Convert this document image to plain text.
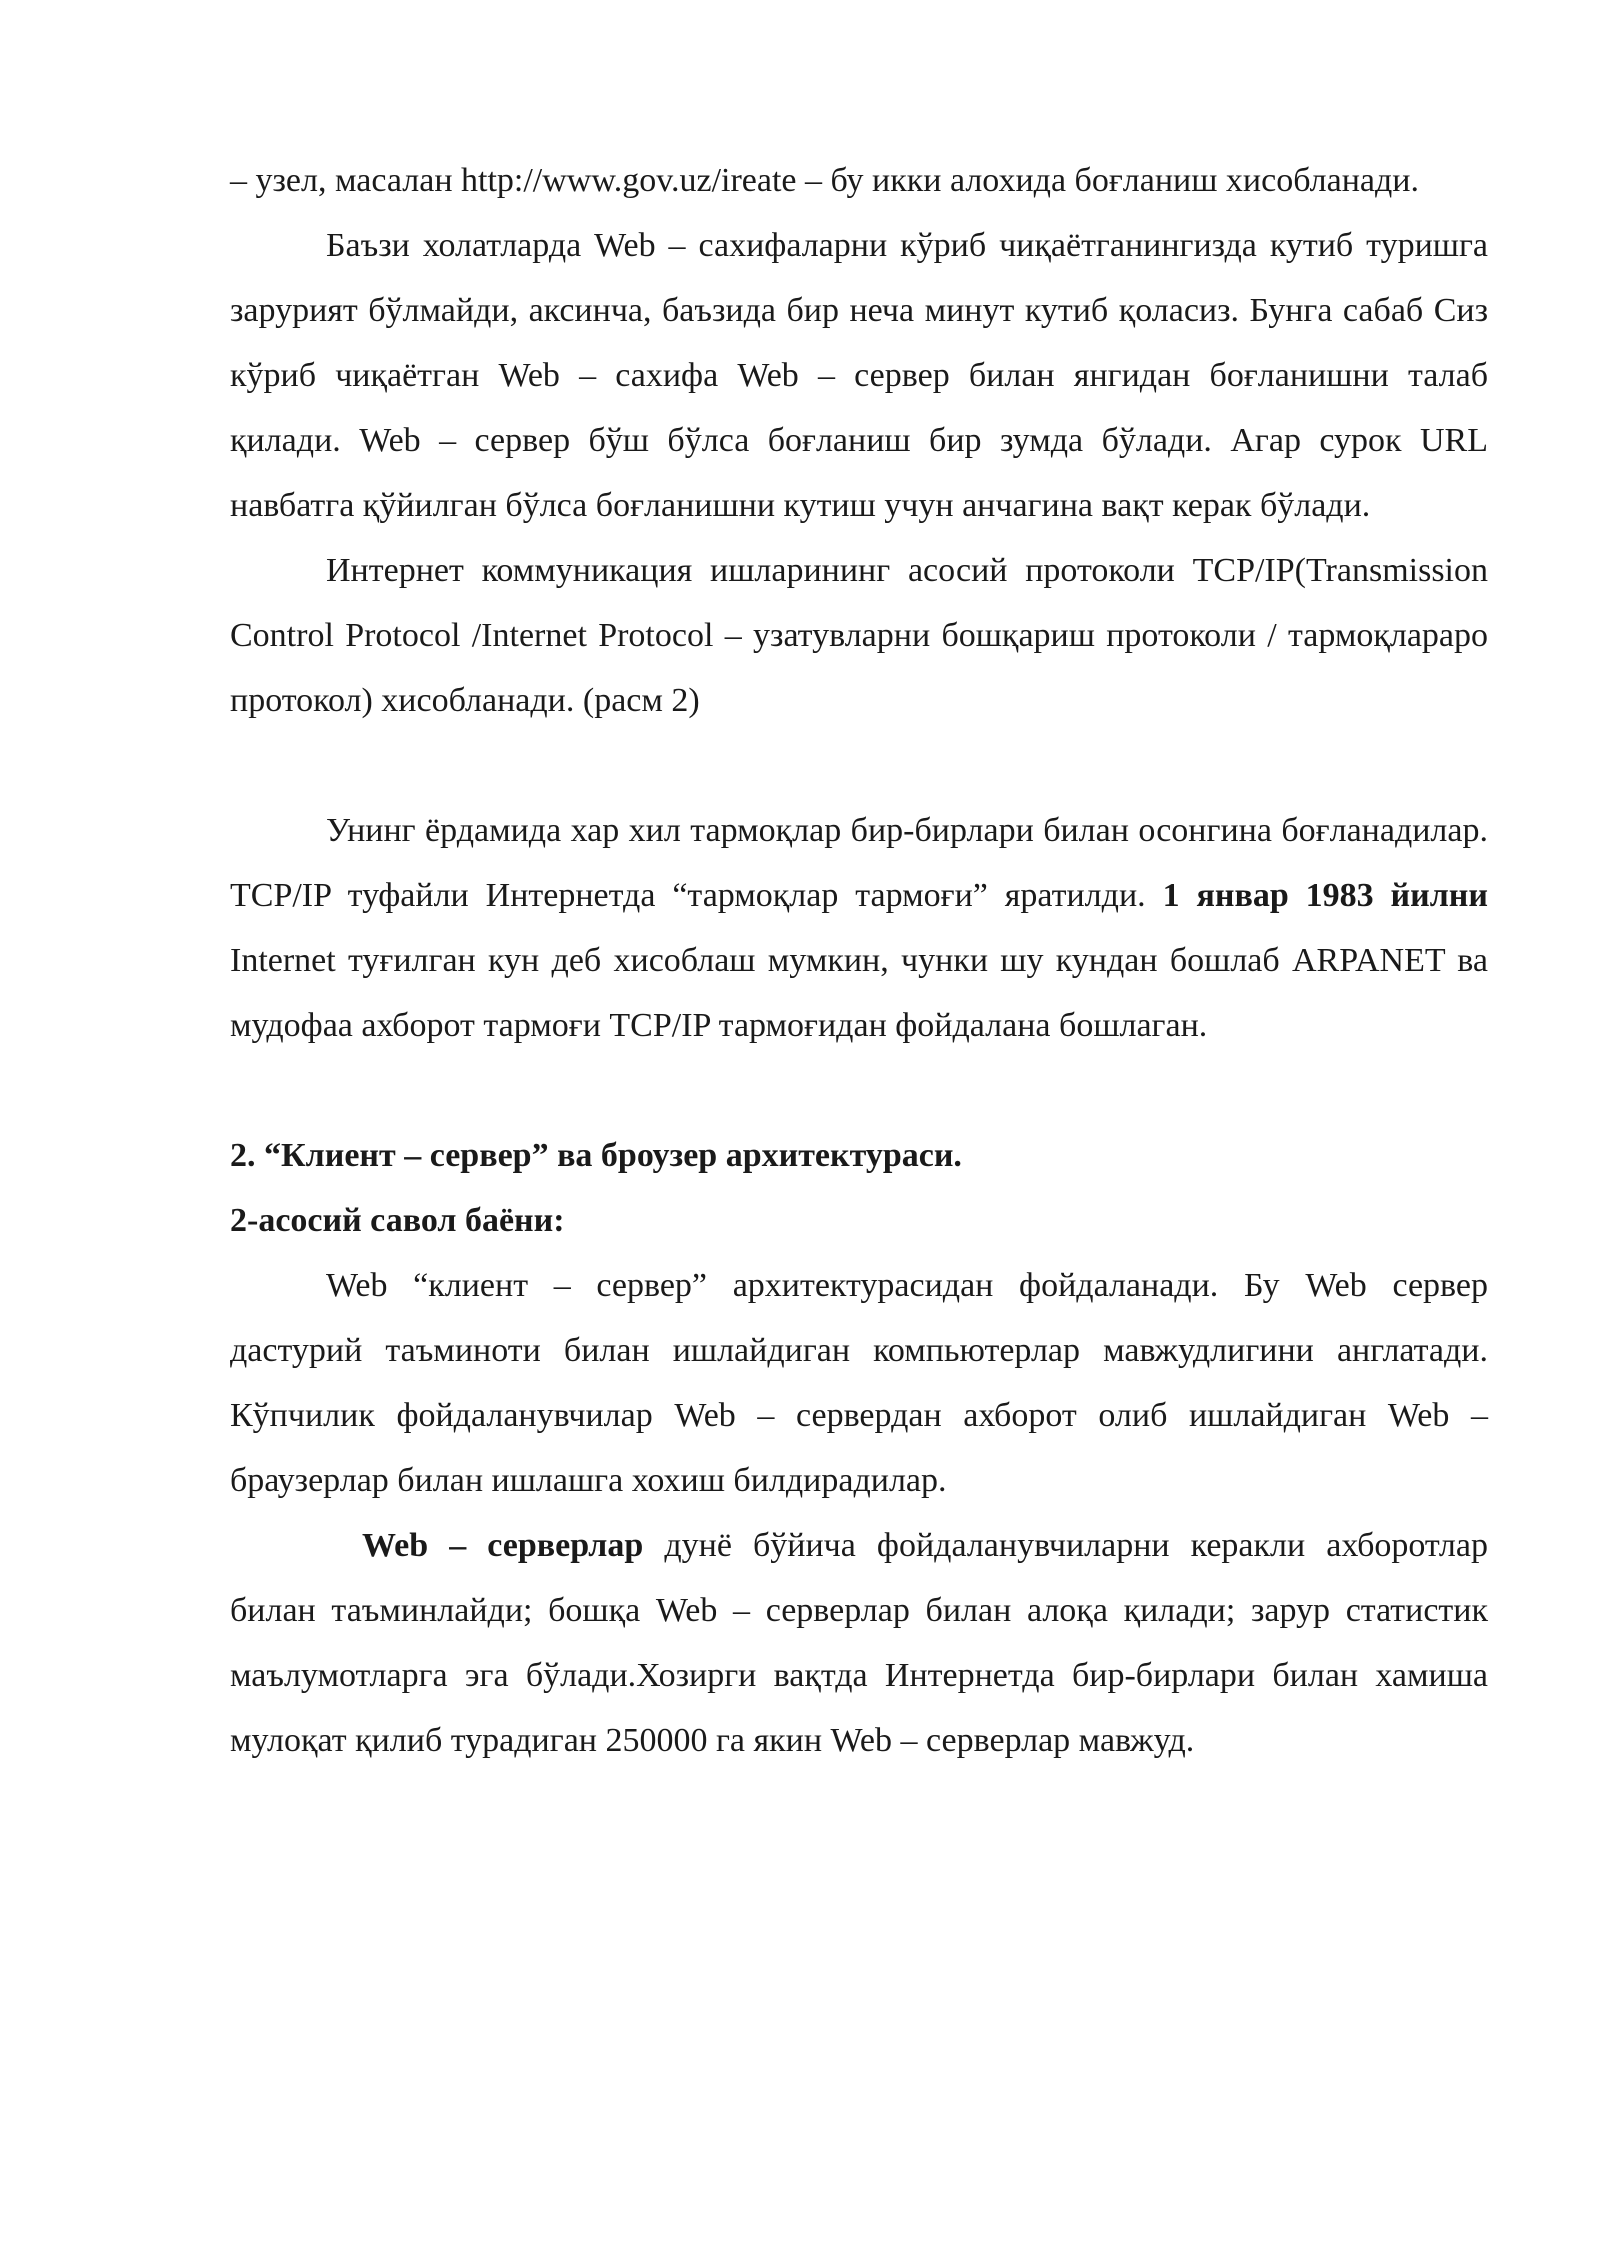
– узел, масалан http://www.gov.uz/ireate – бу икки алохида боғланиш хисобланади.

Баъзи холатларда Web – сахифаларни кўриб чиқаётганингизда кутиб туришга зарурият бўлмайди, аксинча, баъзида бир неча минут кутиб қоласиз. Бунга сабаб Сиз кўриб чиқаётган Web – сахифа Web – сервер билан янгидан боғланишни талаб қилади. Web – сервер бўш бўлса боғланиш бир зумда бўлади. Агар сурок URL навбатга қўйилган бўлса боғланишни кутиш учун анчагина вақт керак бўлади.

Интернет коммуникация ишларининг асосий протоколи TCP/IP(Transmission Control Protocol /Internet Protocol – узатувларни бошқариш протоколи / тармоқлараро протокол) хисобланади. (расм 2)

Унинг ёрдамида хар хил тармоқлар бир-бирлари билан осонгина боғланадилар. TCP/IP туфайли Интернетда “тармоқлар тармоғи” яратилди. 1 январ 1983 йилни Internet туғилган кун деб хисоблаш мумкин, чунки шу кундан бошлаб ARPANET ва мудофаа ахборот тармоғи TCP/IP тармоғидан фойдалана бошлаган.

2. “Клиент – сервер” ва броузер архитектураси.

2-асосий савол баёни:

Web “клиент – сервер” архитектурасидан фойдаланади. Бу Web сервер дастурий таъминоти билан ишлайдиган компьютерлар мавжудлигини англатади. Кўпчилик фойдаланувчилар Web – сервердан ахборот олиб ишлайдиган Web – браузерлар билан ишлашга хохиш билдирадилар.

Web – серверлар дунё бўйича фойдаланувчиларни керакли ахборотлар билан таъминлайди; бошқа Web – серверлар билан алоқа қилади; зарур статистик маълумотларга эга бўлади.Хозирги вақтда Интернетда бир-бирлари билан хамиша мулоқат қилиб турадиган 250000 га якин Web – серверлар мавжуд.
